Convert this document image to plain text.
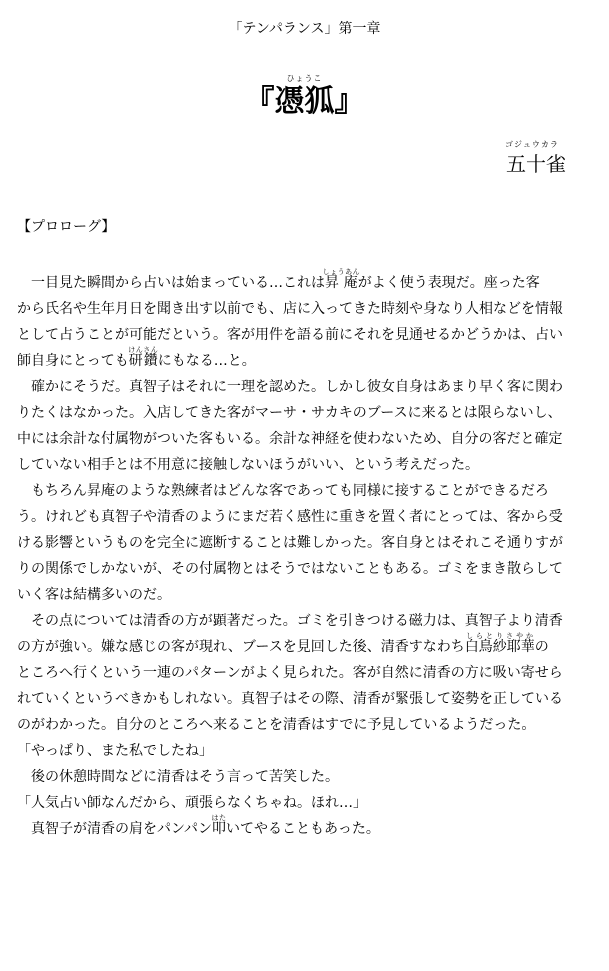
「テンパランス」第一章
ひょうこ
『憑狐』
ゴジュウカラ
五十雀
【プロローグ】
　一目見た瞬間から占いは始まっている…これは昇庵しょうあんがよく使う表現だ。座った客
から氏名や生年月日を聞き出す以前でも、店に入ってきた時刻や身なり人相などを情報
として占うことが可能だという。客が用件を語る前にそれを見通せるかどうかは、占い
師自身にとっても研鑽けんさんにもなる…と。
　確かにそうだ。真智子はそれに一理を認めた。しかし彼女自身はあまり早く客に関わ
りたくはなかった。入店してきた客がマーサ・サカキのブースに来るとは限らないし、
中には余計な付属物がついた客もいる。余計な神経を使わないため、自分の客だと確定
していない相手とは不用意に接触しないほうがいい、という考えだった。
　もちろん昇庵のような熟練者はどんな客であっても同様に接することができるだろ
う。けれども真智子や清香のようにまだ若く感性に重きを置く者にとっては、客から受
ける影響というものを完全に遮断することは難しかった。客自身とはそれこそ通りすが
りの関係でしかないが、その付属物とはそうではないこともある。ゴミをまき散らして
いく客は結構多いのだ。
　その点については清香の方が顕著だった。ゴミを引きつける磁力は、真智子より清香
の方が強い。嫌な感じの客が現れ、ブースを見回した後、清香すなわち白鳥紗耶華しらとりさやかの
ところへ行くという一連のパターンがよく見られた。客が自然に清香の方に吸い寄せら
れていくというべきかもしれない。真智子はその際、清香が緊張して姿勢を正している
のがわかった。自分のところへ来ることを清香はすでに予見しているようだった。
「やっぱり、また私でしたね」
　後の休憩時間などに清香はそう言って苦笑した。
「人気占い師なんだから、頑張らなくちゃね。ほれ…」
　真智子が清香の肩をパンパン叩はたいてやることもあった。
